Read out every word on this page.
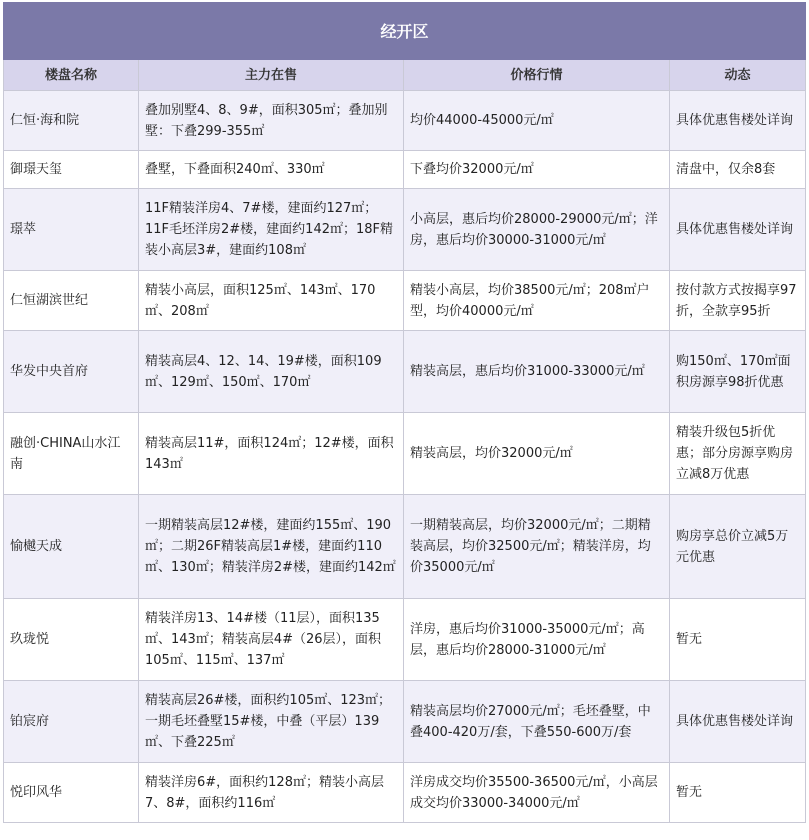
经开区			
楼盘名称	主力在售	价格行情	动态
仁恒·海和院	叠加别墅4、8、9#，面积305㎡；叠加别墅：下叠299-355㎡	均价44000-45000元/㎡	具体优惠售楼处详询
御璟天玺	叠墅，下叠面积240㎡、330㎡	下叠均价32000元/㎡	清盘中，仅余8套
璟萃	11F精装洋房4、7#楼，建面约127㎡；11F毛坯洋房2#楼，建面约142㎡；18F精装小高层3#，建面约108㎡	小高层，惠后均价28000-29000元/㎡；洋房，惠后均价30000-31000元/㎡	具体优惠售楼处详询
仁恒湖滨世纪	精装小高层，面积125㎡、143㎡、170㎡、208㎡	精装小高层，均价38500元/㎡；208㎡户型，均价40000元/㎡	按付款方式按揭享97折，全款享95折
华发中央首府	精装高层4、12、14、19#楼，面积109㎡、129㎡、150㎡、170㎡	精装高层，惠后均价31000-33000元/㎡	购150㎡、170㎡面积房源享98折优惠
融创·CHINA山水江南	精装高层11#，面积124㎡；12#楼，面积143㎡	精装高层，均价32000元/㎡	精装升级包5折优惠；部分房源享购房立减8万优惠
愉樾天成	一期精装高层12#楼，建面约155㎡、190㎡；二期26F精装高层1#楼，建面约110㎡、130㎡；精装洋房2#楼，建面约142㎡	一期精装高层，均价32000元/㎡；二期精装高层，均价32500元/㎡；精装洋房，均价35000元/㎡	购房享总价立减5万元优惠
玖珑悦	精装洋房13、14#楼（11层），面积135㎡、143㎡；精装高层4#（26层），面积105㎡、115㎡、137㎡	洋房，惠后均价31000-35000元/㎡；高层，惠后均价28000-31000元/㎡	暂无
铂宸府	精装高层26#楼，面积约105㎡、123㎡；一期毛坯叠墅15#楼，中叠（平层）139㎡、下叠225㎡	精装高层均价27000元/㎡；毛坯叠墅，中叠400-420万/套，下叠550-600万/套	具体优惠售楼处详询
悦印风华	精装洋房6#，面积约128㎡；精装小高层7、8#，面积约116㎡	洋房成交均价35500-36500元/㎡，小高层成交均价33000-34000元/㎡	暂无
